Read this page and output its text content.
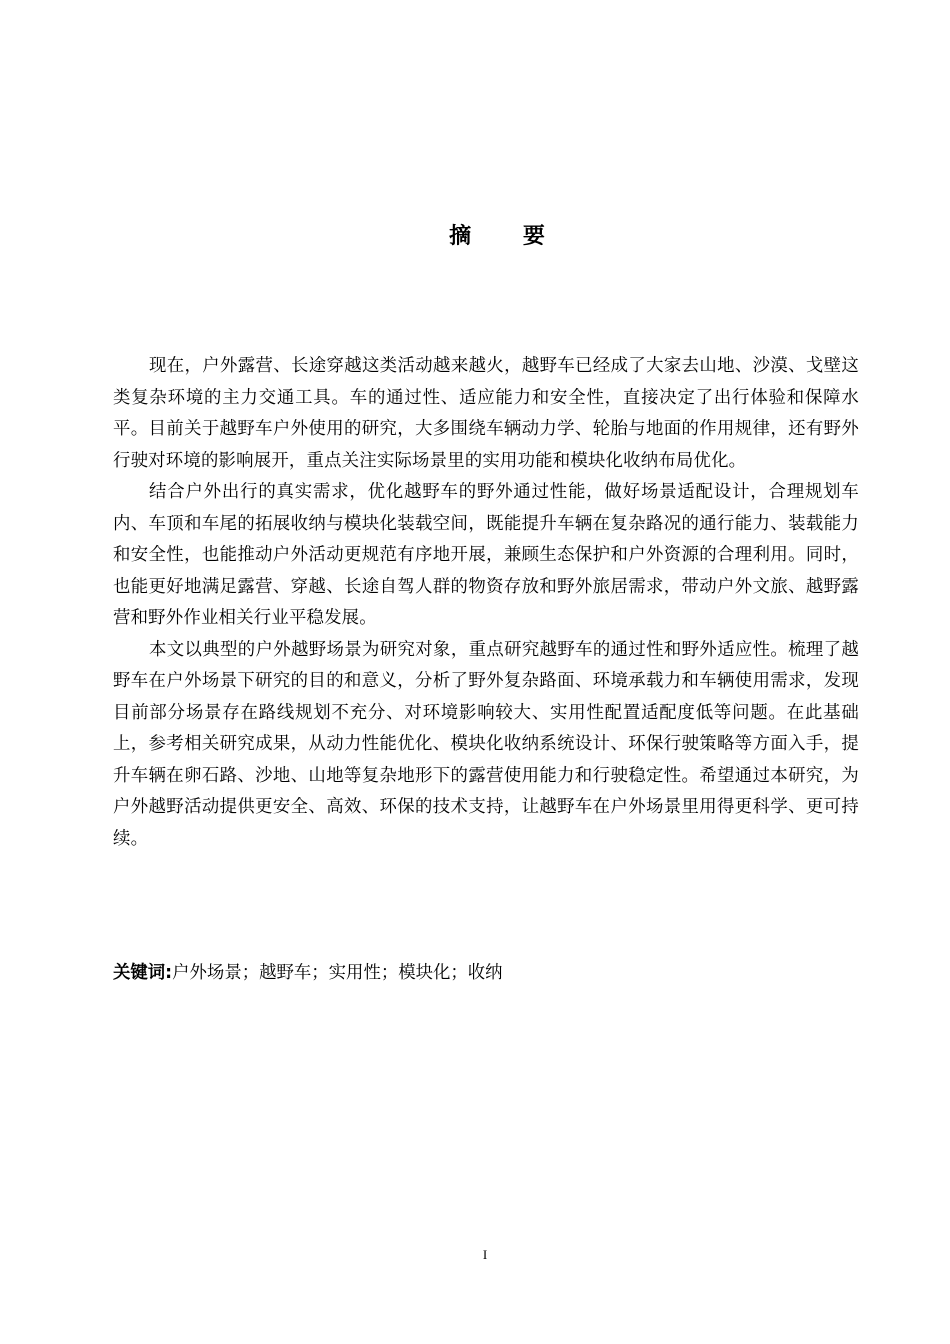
摘 要

现在，户外露营、长途穿越这类活动越来越火，越野车已经成了大家去山地、沙漠、戈壁这类复杂环境的主力交通工具。车的通过性、适应能力和安全性，直接决定了出行体验和保障水平。目前关于越野车户外使用的研究，大多围绕车辆动力学、轮胎与地面的作用规律，还有野外行驶对环境的影响展开，重点关注实际场景里的实用功能和模块化收纳布局优化。

结合户外出行的真实需求，优化越野车的野外通过性能，做好场景适配设计，合理规划车内、车顶和车尾的拓展收纳与模块化装载空间，既能提升车辆在复杂路况的通行能力、装载能力和安全性，也能推动户外活动更规范有序地开展，兼顾生态保护和户外资源的合理利用。同时，也能更好地满足露营、穿越、长途自驾人群的物资存放和野外旅居需求，带动户外文旅、越野露营和野外作业相关行业平稳发展。

本文以典型的户外越野场景为研究对象，重点研究越野车的通过性和野外适应性。梳理了越野车在户外场景下研究的目的和意义，分析了野外复杂路面、环境承载力和车辆使用需求，发现目前部分场景存在路线规划不充分、对环境影响较大、实用性配置适配度低等问题。在此基础上，参考相关研究成果，从动力性能优化、模块化收纳系统设计、环保行驶策略等方面入手，提升车辆在卵石路、沙地、山地等复杂地形下的露营使用能力和行驶稳定性。希望通过本研究，为户外越野活动提供更安全、高效、环保的技术支持，让越野车在户外场景里用得更科学、更可持续。

关键词:户外场景；越野车；实用性；模块化；收纳
I
